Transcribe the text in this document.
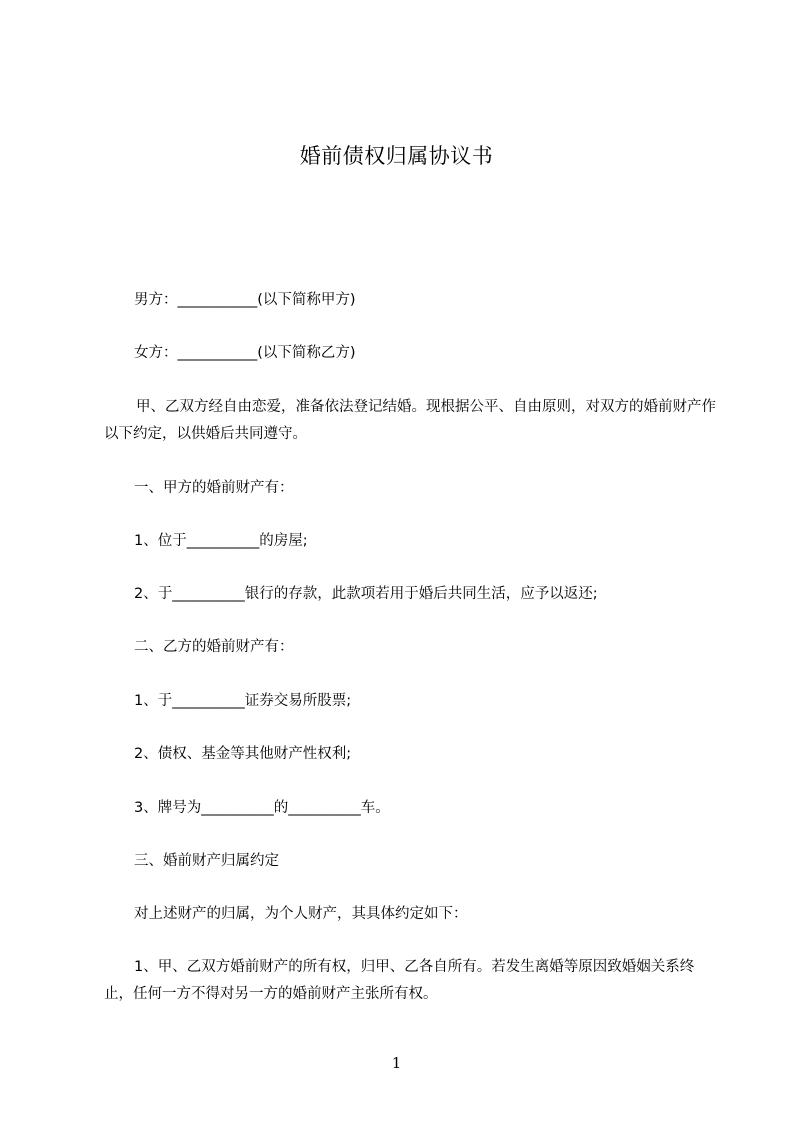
婚前债权归属协议书
男方：___________(以下简称甲方)
女方：___________(以下简称乙方)
甲、乙双方经自由恋爱，准备依法登记结婚。现根据公平、自由原则，对双方的婚前财产作以下约定，以供婚后共同遵守。
一、甲方的婚前财产有：
1、位于__________的房屋;
2、于__________银行的存款，此款项若用于婚后共同生活，应予以返还;
二、乙方的婚前财产有：
1、于__________证券交易所股票;
2、债权、基金等其他财产性权利;
3、牌号为__________的__________车。
三、婚前财产归属约定
对上述财产的归属，为个人财产，其具体约定如下：
1、甲、乙双方婚前财产的所有权，归甲、乙各自所有。若发生离婚等原因致婚姻关系终止，任何一方不得对另一方的婚前财产主张所有权。
1
